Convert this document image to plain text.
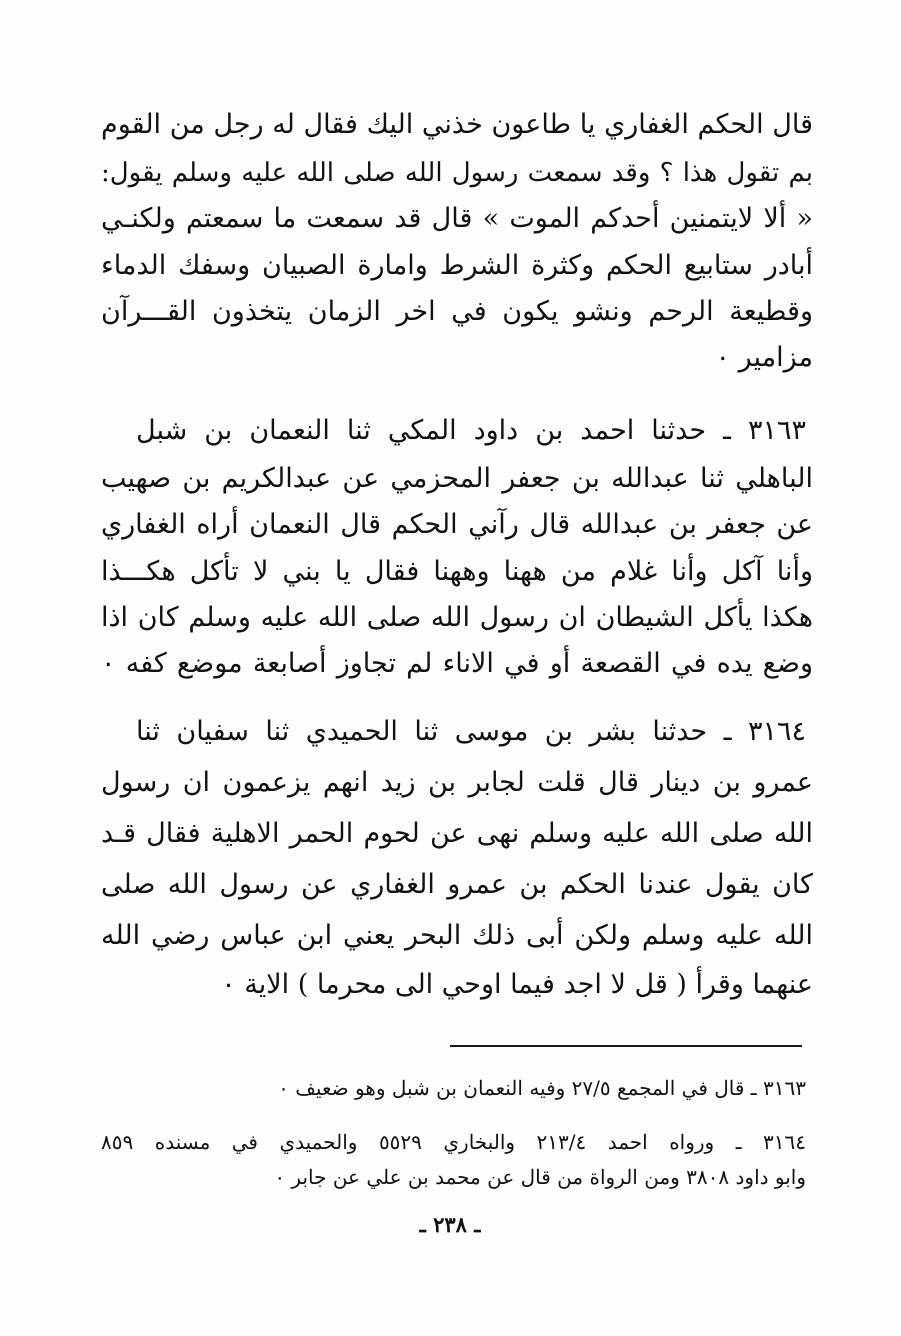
قال الحكم الغفاري يا طاعون خذني اليك فقال له رجل من القوم
بم تقول هذا ؟ وقد سمعت رسول الله صلى الله عليه وسلم يقول:
« ألا لايتمنين أحدكم الموت » قال قد سمعت ما سمعتم ولكنـي
أبادر ستابيع الحكم وكثرة الشرط وامارة الصبيان وسفك الدماء
وقطيعة الرحم ونشو يكون في اخر الزمان يتخذون القـــرآن
مزامير ٠
٣١٦٣ ـ حدثنا احمد بن داود المكي ثنا النعمان بن شبل
الباهلي ثنا عبدالله بن جعفر المحزمي عن عبدالكريم بن صهيب
عن جعفر بن عبدالله قال رآني الحكم قال النعمان أراه الغفاري
وأنا آكل وأنا غلام من ههنا وههنا فقال يا بني لا تأكل هكـــذا
هكذا يأكل الشيطان ان رسول الله صلى الله عليه وسلم كان اذا
وضع يده في القصعة أو في الاناء لم تجاوز أصابعة موضع كفه ٠
٣١٦٤ ـ حدثنا بشر بن موسى ثنا الحميدي ثنا سفيان ثنا
عمرو بن دينار قال قلت لجابر بن زيد انهم يزعمون ان رسول
الله صلى الله عليه وسلم نهى عن لحوم الحمر الاهلية فقال قـد
كان يقول عندنا الحكم بن عمرو الغفاري عن رسول الله صلى
الله عليه وسلم ولكن أبى ذلك البحر يعني ابن عباس رضي الله
عنهما وقرأ ( قل لا اجد فيما اوحي الى محرما ) الاية ٠
٣١٦٣ ـ قال في المجمع ٢٧/٥ وفيه النعمان بن شبل وهو ضعيف ٠
٣١٦٤ ـ ورواه احمد ٢١٣/٤ والبخاري ٥٥٢٩ والحميدي في مسنده ٨٥٩
وابو داود ٣٨٠٨ ومن الرواة من قال عن محمد بن علي عن جابر ٠
ـ ٢٣٨ ـ
